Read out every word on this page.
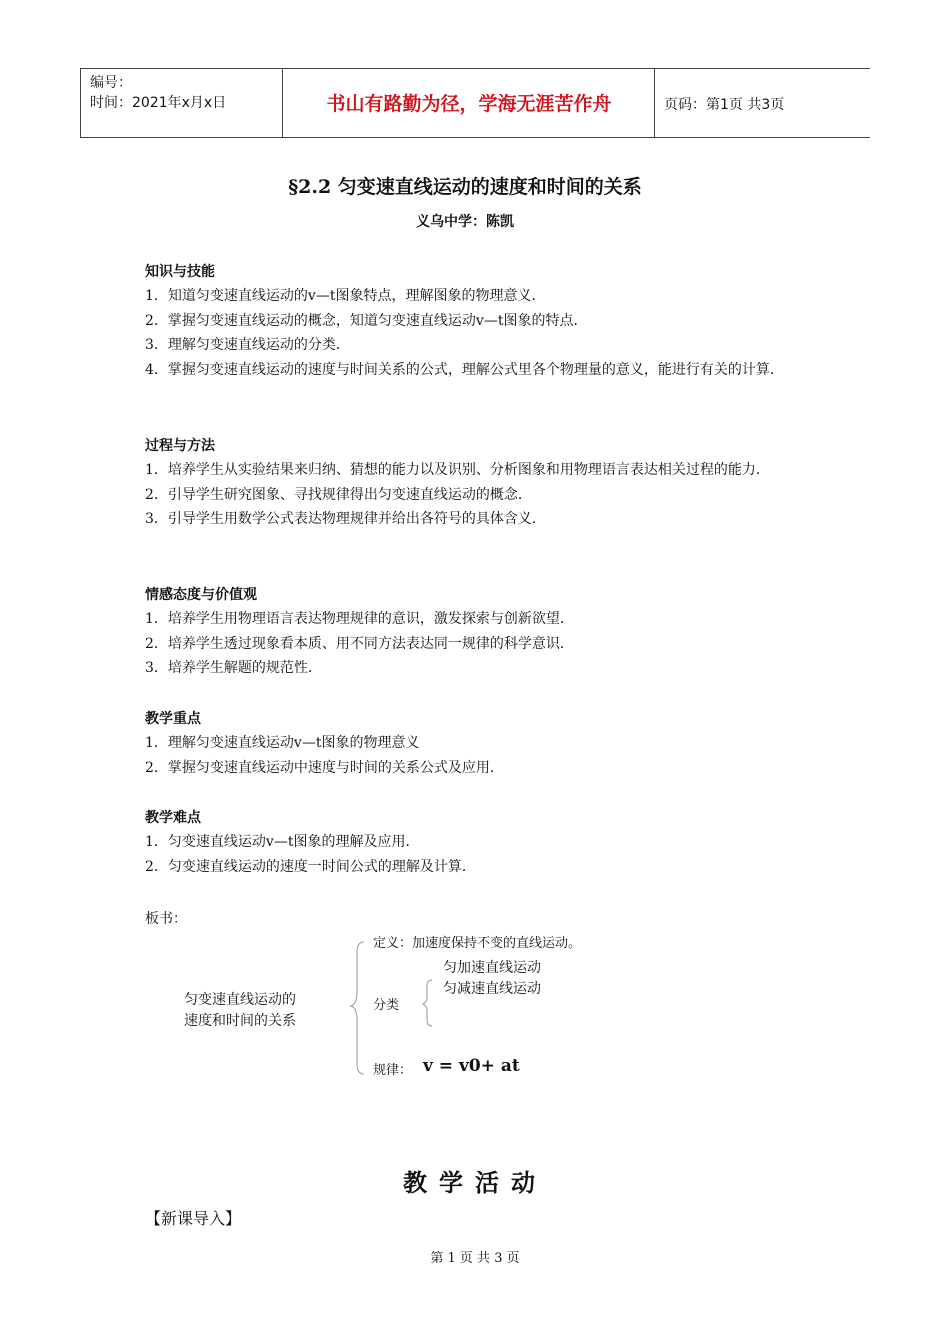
编号：
时间：2021年x月x日	书山有路勤为径，学海无涯苦作舟	页码：第1页 共3页
§2.2 匀变速直线运动的速度和时间的关系
义乌中学：陈凯
知识与技能
1．知道匀变速直线运动的v—t图象特点，理解图象的物理意义．
2．掌握匀变速直线运动的概念，知道匀变速直线运动v—t图象的特点．
3．理解匀变速直线运动的分类．
4．掌握匀变速直线运动的速度与时间关系的公式，理解公式里各个物理量的意义，能进行有关的计算．
过程与方法
1．培养学生从实验结果来归纳、猜想的能力以及识别、分析图象和用物理语言表达相关过程的能力．
2．引导学生研究图象、寻找规律得出匀变速直线运动的概念．
3．引导学生用数学公式表达物理规律并给出各符号的具体含义．
情感态度与价值观
1．培养学生用物理语言表达物理规律的意识，激发探索与创新欲望．
2．培养学生透过现象看本质、用不同方法表达同一规律的科学意识．
3．培养学生解题的规范性．
教学重点
1．理解匀变速直线运动v—t图象的物理意义
2．掌握匀变速直线运动中速度与时间的关系公式及应用．
教学难点
1．匀变速直线运动v—t图象的理解及应用．
2．匀变速直线运动的速度一时间公式的理解及计算．
板书：
匀变速直线运动的
速度和时间的关系
定义：加速度保持不变的直线运动。
分类
匀加速直线运动
匀减速直线运动
规律： v = v0+ at
教学活动
【新课导入】
第 1 页 共 3 页
